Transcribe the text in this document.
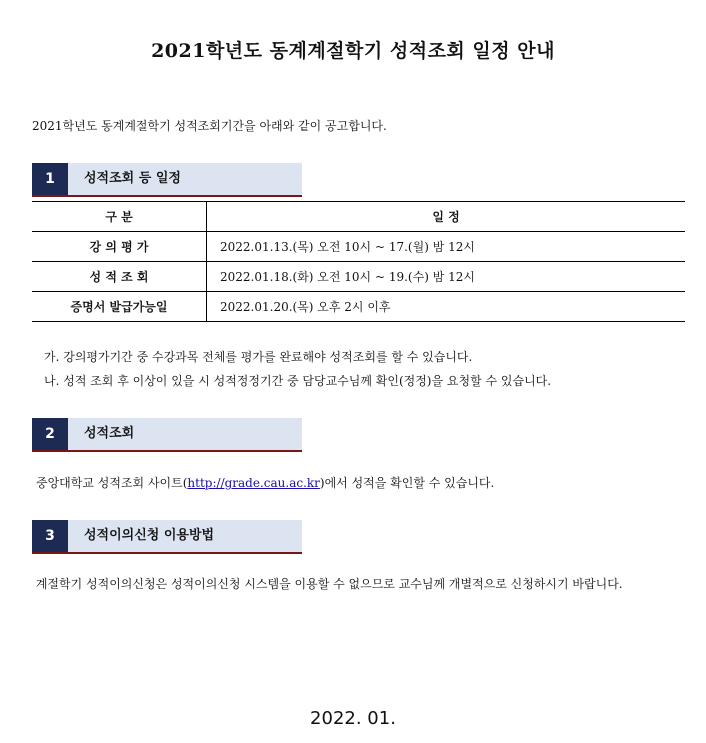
2021학년도 동계계절학기 성적조회 일정 안내
2021학년도 동계계절학기 성적조회기간을 아래와 같이 공고합니다.
1	성적조회 등 일정
구 분	일 정
강 의 평 가	2022.01.13.(목) 오전 10시 ~ 17.(월) 밤 12시
성 적 조 회	2022.01.18.(화) 오전 10시 ~ 19.(수) 밤 12시
증명서 발급가능일	2022.01.20.(목) 오후 2시 이후
가. 강의평가기간 중 수강과목 전체를 평가를 완료해야 성적조회를 할 수 있습니다.
나. 성적 조회 후 이상이 있을 시 성적정정기간 중 담당교수님께 확인(정정)을 요청할 수 있습니다.
2	성적조회
중앙대학교 성적조회 사이트(http://grade.cau.ac.kr)에서 성적을 확인할 수 있습니다.
3	성적이의신청 이용방법
계절학기 성적이의신청은 성적이의신청 시스템을 이용할 수 없으므로 교수님께 개별적으로 신청하시기 바랍니다.
2022. 01.
